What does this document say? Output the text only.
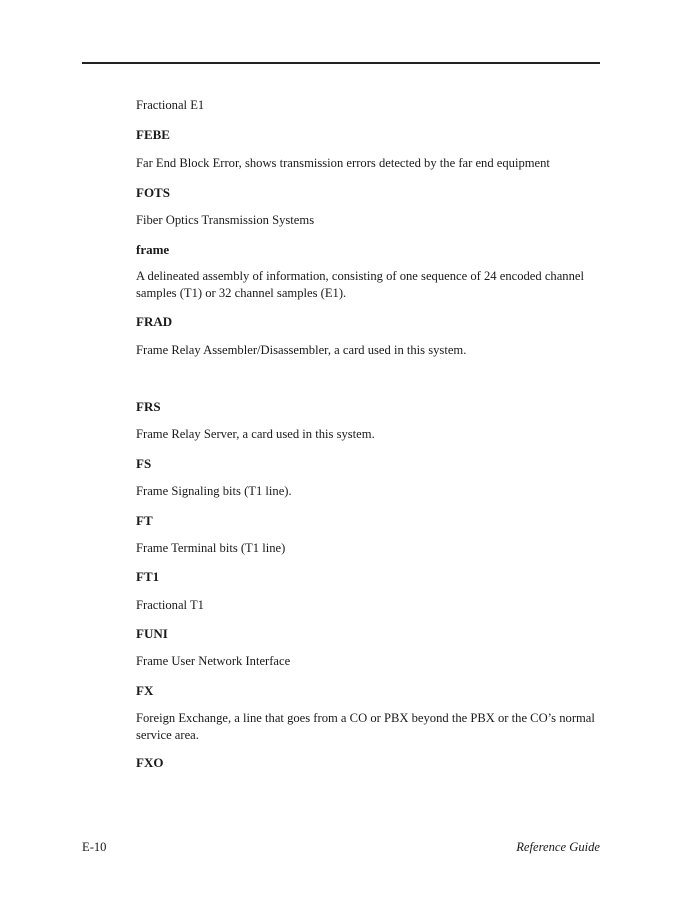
Fractional E1

FEBE

Far End Block Error, shows transmission errors detected by the far end equipment

FOTS

Fiber Optics Transmission Systems

frame

A delineated assembly of information, consisting of one sequence of 24 encoded channel samples (T1) or 32 channel samples (E1).

FRAD

Frame Relay Assembler/Disassembler, a card used in this system.

FRS

Frame Relay Server, a card used in this system.

FS

Frame Signaling bits (T1 line).

FT

Frame Terminal bits (T1 line)

FT1

Fractional T1

FUNI

Frame User Network Interface

FX

Foreign Exchange, a line that goes from a CO or PBX beyond the PBX or the CO’s normal service area.

FXO

E-10	Reference Guide
